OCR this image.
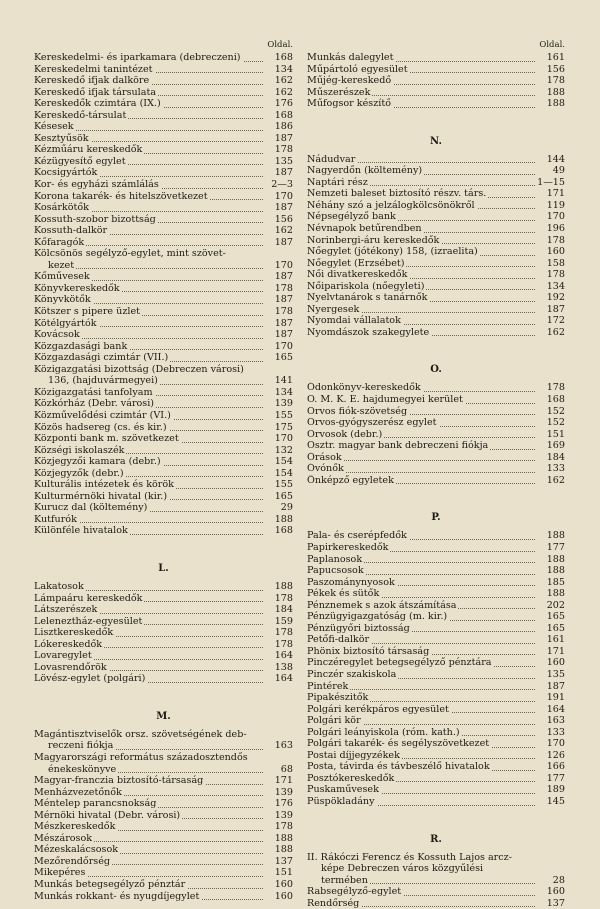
Oldal.
Kereskedelmi- és iparkamara (debreczeni)	168
Kereskedelmi tanintézet	134
Kereskedő ifjak dalköre	162
Kereskedő ifjak társulata	162
Kereskedők czimtára (IX.)	176
Kereskedő-társulat	168
Késesek	186
Kesztyűsök	187
Kézműáru kereskedők	178
Kézügyesítő egylet	135
Kocsigyártók	187
Kor- és egyházi számlálás	2—3
Korona takarék- és hitelszövetkezet	170
Kosárkötők	187
Kossuth-szobor bizottság	156
Kossuth-dalkör	162
Kőfaragók	187
Kölcsönös segélyző-egylet, mint szövet-
kezet	170
Kőművesek	187
Könyvkereskedők	178
Könyvkötők	187
Kötszer s pipere üzlet	178
Kötélgyártók	187
Kovácsok	187
Közgazdasági bank	170
Közgazdasági czimtár (VII.)	165
Közigazgatási bizottság (Debreczen városi)
136, (hajduvármegyei)	141
Közigazgatási tanfolyam	134
Közkórház (Debr. városi)	139
Közművelődési czimtár (VI.)	155
Közös hadsereg (cs. és kir.)	175
Központi bank m. szövetkezet	170
Községi iskolaszék	132
Közjegyzői kamara (debr.)	154
Közjegyzők (debr.)	154
Kulturális intézetek és körök	155
Kulturmérnöki hivatal (kir.)	165
Kurucz dal (költemény)	29
Kutfurók	188
Különféle hivatalok	168
L.
Lakatosok	188
Lámpaáru kereskedők	178
Látszerészek	184
Leleneztház-egyesület	159
Lisztkereskedők	178
Lókereskedők	178
Lovaregylet	164
Lovasrendőrök	138
Lövész-egylet (polgári)	164
M.
Magántisztviselők orsz. szövetségének deb-
reczeni fiókja	163
Magyarországi református századosztendős
énekeskönyve	68
Magyar-franczia biztosító-társaság	171
Menházvezetőnők	139
Méntelep parancsnokság	176
Mérnöki hivatal (Debr. városi)	139
Mészkereskedők	178
Mészárosok	188
Mézeskalácsosok	188
Mezőrendőrség	137
Mikepéres	151
Munkás betegsegélyző pénztár	160
Munkás rokkant- és nyugdíjegylet	160
Oldal.
Munkás dalegylet	161
Műpártoló egyesület	156
Műjég-kereskedő	178
Műszerészek	188
Műfogsor készítő	188
N.
Nádudvar	144
Nagyerdőn (költemény)	49
Naptári rész	1—15
Nemzeti baleset biztosító részv. társ.	171
Néhány szó a jelzálogkölcsönökről	119
Népsegélyző bank	170
Névnapok betűrendben	196
Norinbergi-áru kereskedők	178
Nőegylet (jótékony) 158, (izraelita)	160
Nőegylet (Erzsébet)	158
Női divatkereskedők	178
Nőipariskola (nőegyleti)	134
Nyelvtanárok s tanárnők	192
Nyergesek	187
Nyomdai vállalatok	172
Nyomdászok szakegylete	162
O.
Ódonkönyv-kereskedők	178
O. M. K. E. hajdumegyei kerület	168
Orvos fiók-szövetség	152
Orvos-gyógyszerész egylet	152
Orvosok (debr.)	151
Osztr. magyar bank debreczeni fiókja	169
Órások	184
Óvónők	133
Önképző egyletek	162
P.
Pala- és cserépfedők	188
Papirkereskedők	177
Paplanosok	188
Papucsosok	188
Paszománynyosok	185
Pékek és sütők	188
Pénznemek s azok átszámítása	202
Pénzügyigazgatóság (m. kir.)	165
Pénzügyőri biztosság	165
Petőfi-dalkör	161
Phönix biztosító társaság	171
Pinczéregylet betegsegélyző pénztára	160
Pinczér szakiskola	135
Pintérek	187
Pipakészitők	191
Polgári kerékpáros egyesület	164
Polgári kör	163
Polgári leányiskola (róm. kath.)	133
Polgári takarék- és segélyszövetkezet	170
Postai díjjegyzékek	126
Posta, távirda és távbeszélő hivatalok	166
Posztókereskedők	177
Puskaművesek	189
Püspökladány	145
R.
II. Rákóczi Ferencz és Kossuth Lajos arcz-
képe Debreczen város közgyűlési
termében	28
Rabsegélyző-egylet	160
Rendőrség	137
